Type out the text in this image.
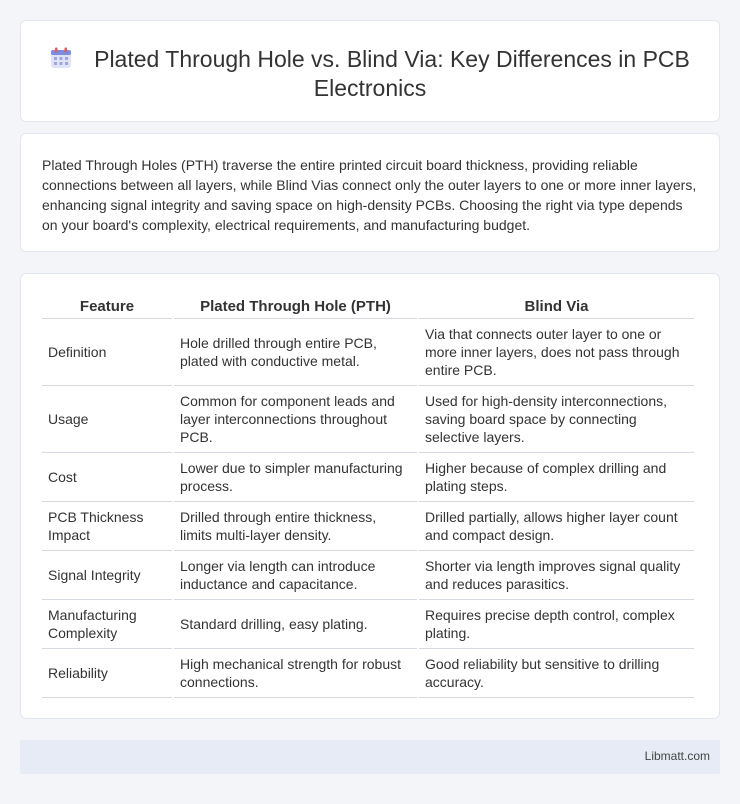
Plated Through Hole vs. Blind Via: Key Differences in PCB Electronics

Plated Through Holes (PTH) traverse the entire printed circuit board thickness, providing reliable connections between all layers, while Blind Vias connect only the outer layers to one or more inner layers, enhancing signal integrity and saving space on high-density PCBs. Choosing the right via type depends on your board's complexity, electrical requirements, and manufacturing budget.

Feature	Plated Through Hole (PTH)	Blind Via
Definition	Hole drilled through entire PCB, plated with conductive metal.	Via that connects outer layer to one or more inner layers, does not pass through entire PCB.
Usage	Common for component leads and layer interconnections throughout PCB.	Used for high-density interconnections, saving board space by connecting selective layers.
Cost	Lower due to simpler manufacturing process.	Higher because of complex drilling and plating steps.
PCB Thickness Impact	Drilled through entire thickness, limits multi-layer density.	Drilled partially, allows higher layer count and compact design.
Signal Integrity	Longer via length can introduce inductance and capacitance.	Shorter via length improves signal quality and reduces parasitics.
Manufacturing Complexity	Standard drilling, easy plating.	Requires precise depth control, complex plating.
Reliability	High mechanical strength for robust connections.	Good reliability but sensitive to drilling accuracy.
Libmatt.com
